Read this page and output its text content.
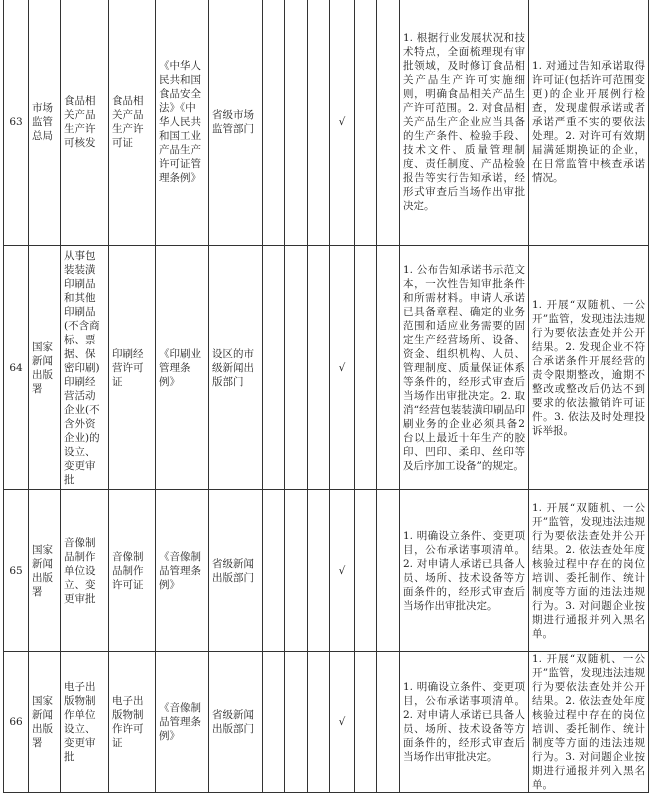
63	市场监管总局	食品相关产品生产许可核发	食品相关产品生产许可证	《中华人民共和国食品安全法》《中华人民共和国工业产品生产许可证管理条例》	省级市场监管部门				√			1. 根据行业发展状况和技术特点，全面梳理现有审批领域，及时修订食品相关产品生产许可实施细则，明确食品相关产品生产许可范围。2. 对食品相关产品生产企业应当具备的生产条件、检验手段、技术文件、质量管理制度、责任制度、产品检验报告等实行告知承诺，经形式审查后当场作出审批决定。	1. 对通过告知承诺取得许可证(包括许可范围变更)的企业开展例行检查，发现虚假承诺或者承诺严重不实的要依法处理。2. 对许可有效期届满延期换证的企业，在日常监管中核查承诺情况。
64	国家新闻出版署	从事包装装潢印刷品和其他印刷品(不含商标、票据、保密印刷)印刷经营活动企业(不含外资企业)的设立、变更审批	印刷经营许可证	《印刷业管理条例》	设区的市级新闻出版部门				√			1. 公布告知承诺书示范文本，一次性告知审批条件和所需材料。申请人承诺已具备章程、确定的业务范围和适应业务需要的固定生产经营场所、设备、资金、组织机构、人员、管理制度、质量保证体系等条件的，经形式审查后当场作出审批决定。2. 取消“经营包装装潢印刷品印刷业务的企业必须具备2台以上最近十年生产的胶印、凹印、柔印、丝印等及后序加工设备”的规定。	1. 开展“双随机、一公开”监管，发现违法违规行为要依法查处并公开结果。2. 发现企业不符合承诺条件开展经营的责令限期整改，逾期不整改或整改后仍达不到要求的依法撤销许可证件。3. 依法及时处理投诉举报。
65	国家新闻出版署	音像制品制作单位设立、变更审批	音像制品制作许可证	《音像制品管理条例》	省级新闻出版部门				√			1. 明确设立条件、变更项目，公布承诺事项清单。2. 对申请人承诺已具备人员、场所、技术设备等方面条件的，经形式审查后当场作出审批决定。	1. 开展“双随机、一公开”监管，发现违法违规行为要依法查处并公开结果。2. 依法查处年度核验过程中存在的岗位培训、委托制作、统计制度等方面的违法违规行为。3. 对问题企业按期进行通报并列入黑名单。
66	国家新闻出版署	电子出版物制作单位设立、变更审批	电子出版物制作许可证	《音像制品管理条例》	省级新闻出版部门				√			1. 明确设立条件、变更项目，公布承诺事项清单。2. 对申请人承诺已具备人员、场所、技术设备等方面条件的，经形式审查后当场作出审批决定。	1. 开展“双随机、一公开”监管，发现违法违规行为要依法查处并公开结果。2. 依法查处年度核验过程中存在的岗位培训、委托制作、统计制度等方面的违法违规行为。3. 对问题企业按期进行通报并列入黑名单。
